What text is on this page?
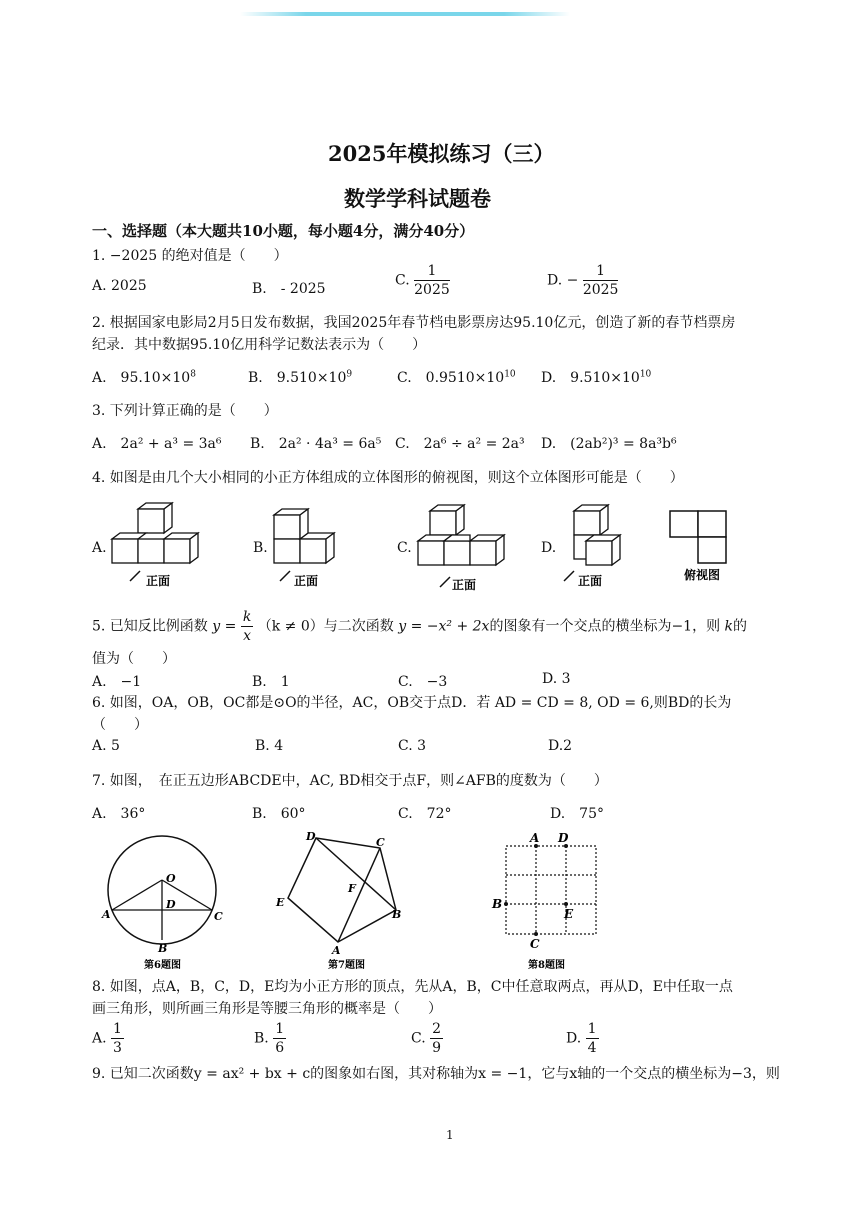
2025年模拟练习（三）
数学学科试题卷
一、选择题（本大题共10小题，每小题4分，满分40分）
1. −2025 的绝对值是（　　）
A. 2025	B.　- 2025
C. $\frac{1}{2025}$	D. − $\frac{1}{2025}$
2. 根据国家电影局2月5日发布数据，我国2025年春节档电影票房达95.10亿元，创造了新的春节档票房
纪录．其中数据95.10亿用科学记数法表示为（　　）
A.　$95.10\times 10^8$	B.　$9.510\times 10^9$	C.　$0.9510\times 10^{10}$ D.　$9.510\times 10^{10}$
3. 下列计算正确的是（　　）
A.　2a² + a³ = 3a⁶ B.　2a² · 4a³ = 6a⁵ C.　2a⁶ ÷ a² = 2a³ D.　(2ab²)³ = 8a³b⁶
4. 如图是由几个大小相同的小正方体组成的立体图形的俯视图，则这个立体图形可能是（　　）
A.	B.	C.	D.
正面	正面	正面	正面	俯视图
5. 已知反比例函数 $y = \frac{k}{x} (k \ne 0)$与二次函数 y = −x² + 2x的图象有一个交点的横坐标为−1，则 k的
值为（　　）
A.　−1	B.　1	C.　−3	D. 3
6. 如图，OA，OB，OC都是⊙O的半径，AC，OB交于点D．若 AD = CD = 8, OD = 6,则BD的长为
（　　）
A. 5	B. 4	C. 3	D.2
7. 如图，　在正五边形ABCDE中，AC, BD相交于点F，则∠AFB的度数为（　　）
A.　36°	B.　60°	C.　72°	D.　75°
O
A
B
C
D
第6题图
D	C
E
F
B
A
第7题图
A D
B
E
C
第8题图
8. 如图，点A，B，C，D，E均为小正方形的顶点，先从A，B，C中任意取两点，再从D，E中任取一点
画三角形，则所画三角形是等腰三角形的概率是（　　）
A. $\frac{1}{3}$	B. $\frac{1}{6}$	C. $\frac{2}{9}$	D. $\frac{1}{4}$
9. 已知二次函数y = ax² + bx + c的图象如右图，其对称轴为x = −1，它与x轴的一个交点的横坐标为−3，则
1
